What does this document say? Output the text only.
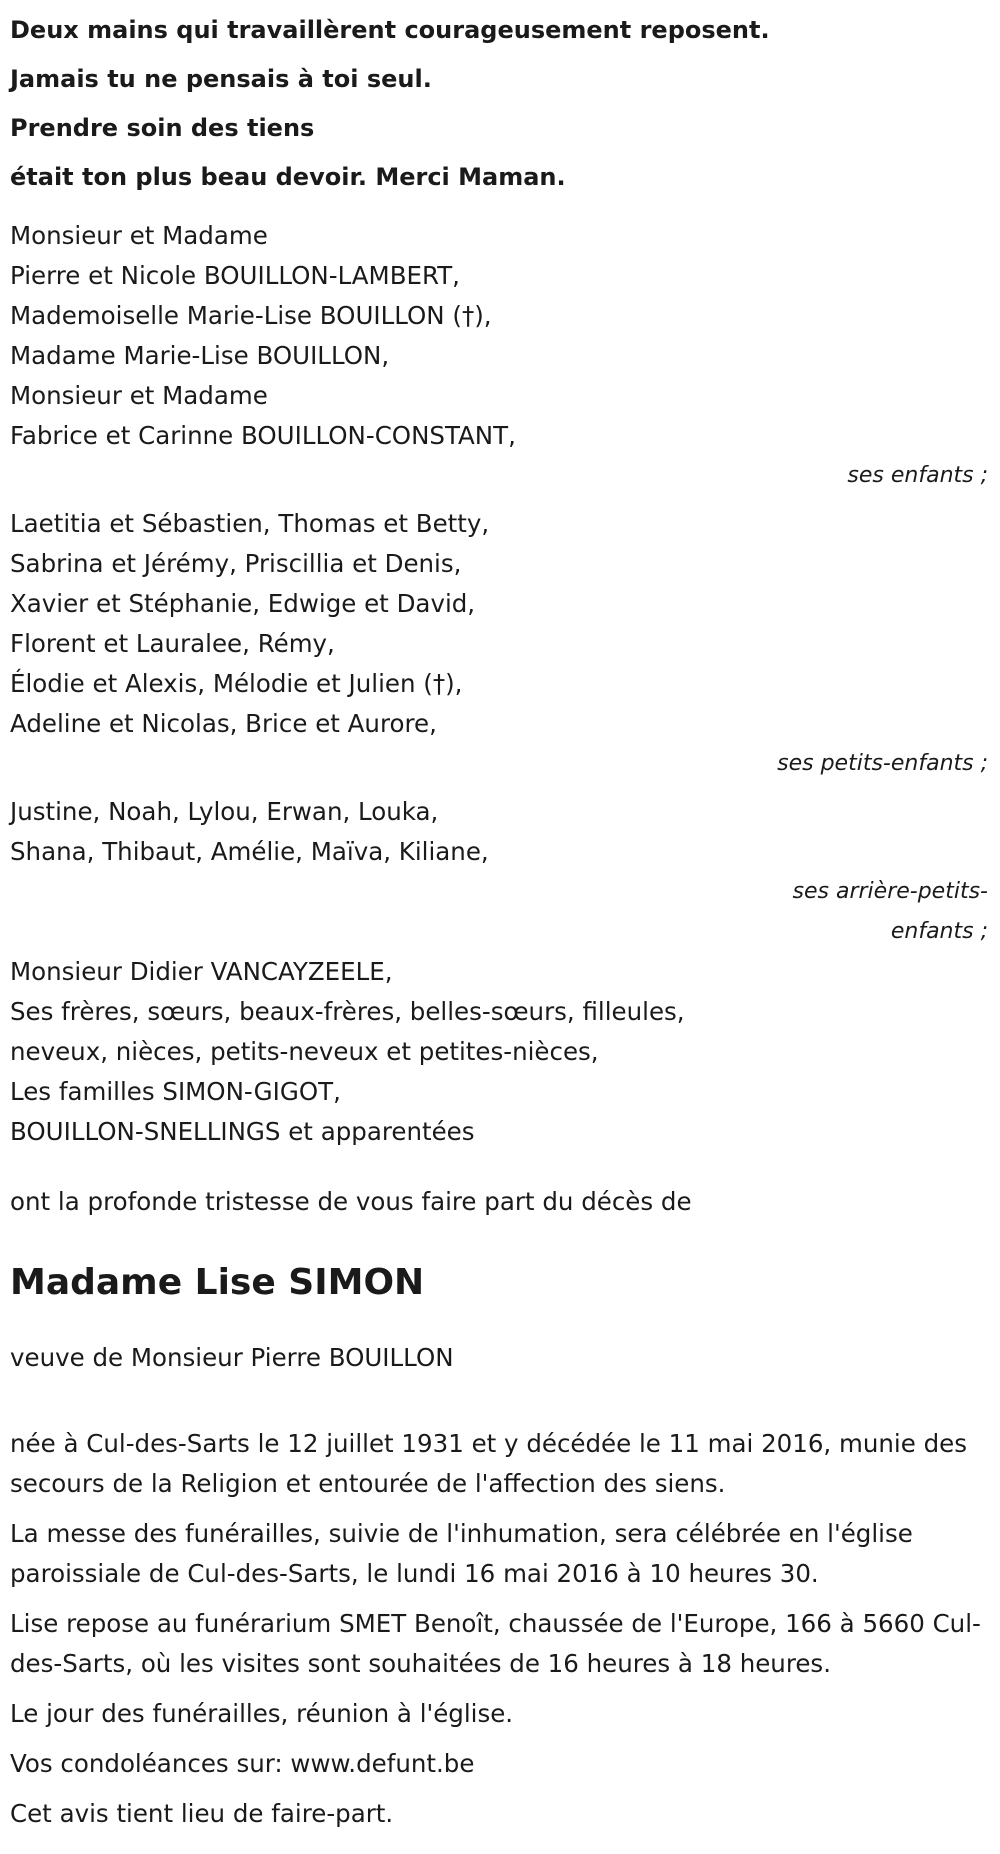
Deux mains qui travaillèrent courageusement reposent.
Jamais tu ne pensais à toi seul.
Prendre soin des tiens
était ton plus beau devoir. Merci Maman.
Monsieur et Madame
Pierre et Nicole BOUILLON-LAMBERT,
Mademoiselle Marie-Lise BOUILLON (†),
Madame Marie-Lise BOUILLON,
Monsieur et Madame
Fabrice et Carinne BOUILLON-CONSTANT,
ses enfants ;
Laetitia et Sébastien, Thomas et Betty,
Sabrina et Jérémy, Priscillia et Denis,
Xavier et Stéphanie, Edwige et David,
Florent et Lauralee, Rémy,
Élodie et Alexis, Mélodie et Julien (†),
Adeline et Nicolas, Brice et Aurore,
ses petits-enfants ;
Justine, Noah, Lylou, Erwan, Louka,
Shana, Thibaut, Amélie, Maïva, Kiliane,
ses arrière-petits-
enfants ;
Monsieur Didier VANCAYZEELE,
Ses frères, sœurs, beaux-frères, belles-sœurs, filleules,
neveux, nièces, petits-neveux et petites-nièces,
Les familles SIMON-GIGOT,
BOUILLON-SNELLINGS et apparentées
ont la profonde tristesse de vous faire part du décès de
Madame Lise SIMON
veuve de Monsieur Pierre BOUILLON
née à Cul-des-Sarts le 12 juillet 1931 et y décédée le 11 mai 2016, munie des secours de la Religion et entourée de l'affection des siens.
La messe des funérailles, suivie de l'inhumation, sera célébrée en l'église paroissiale de Cul-des-Sarts, le lundi 16 mai 2016 à 10 heures 30.
Lise repose au funérarium SMET Benoît, chaussée de l'Europe, 166 à 5660 Cul-des-Sarts, où les visites sont souhaitées de 16 heures à 18 heures.
Le jour des funérailles, réunion à l'église.
Vos condoléances sur: www.defunt.be
Cet avis tient lieu de faire-part.
